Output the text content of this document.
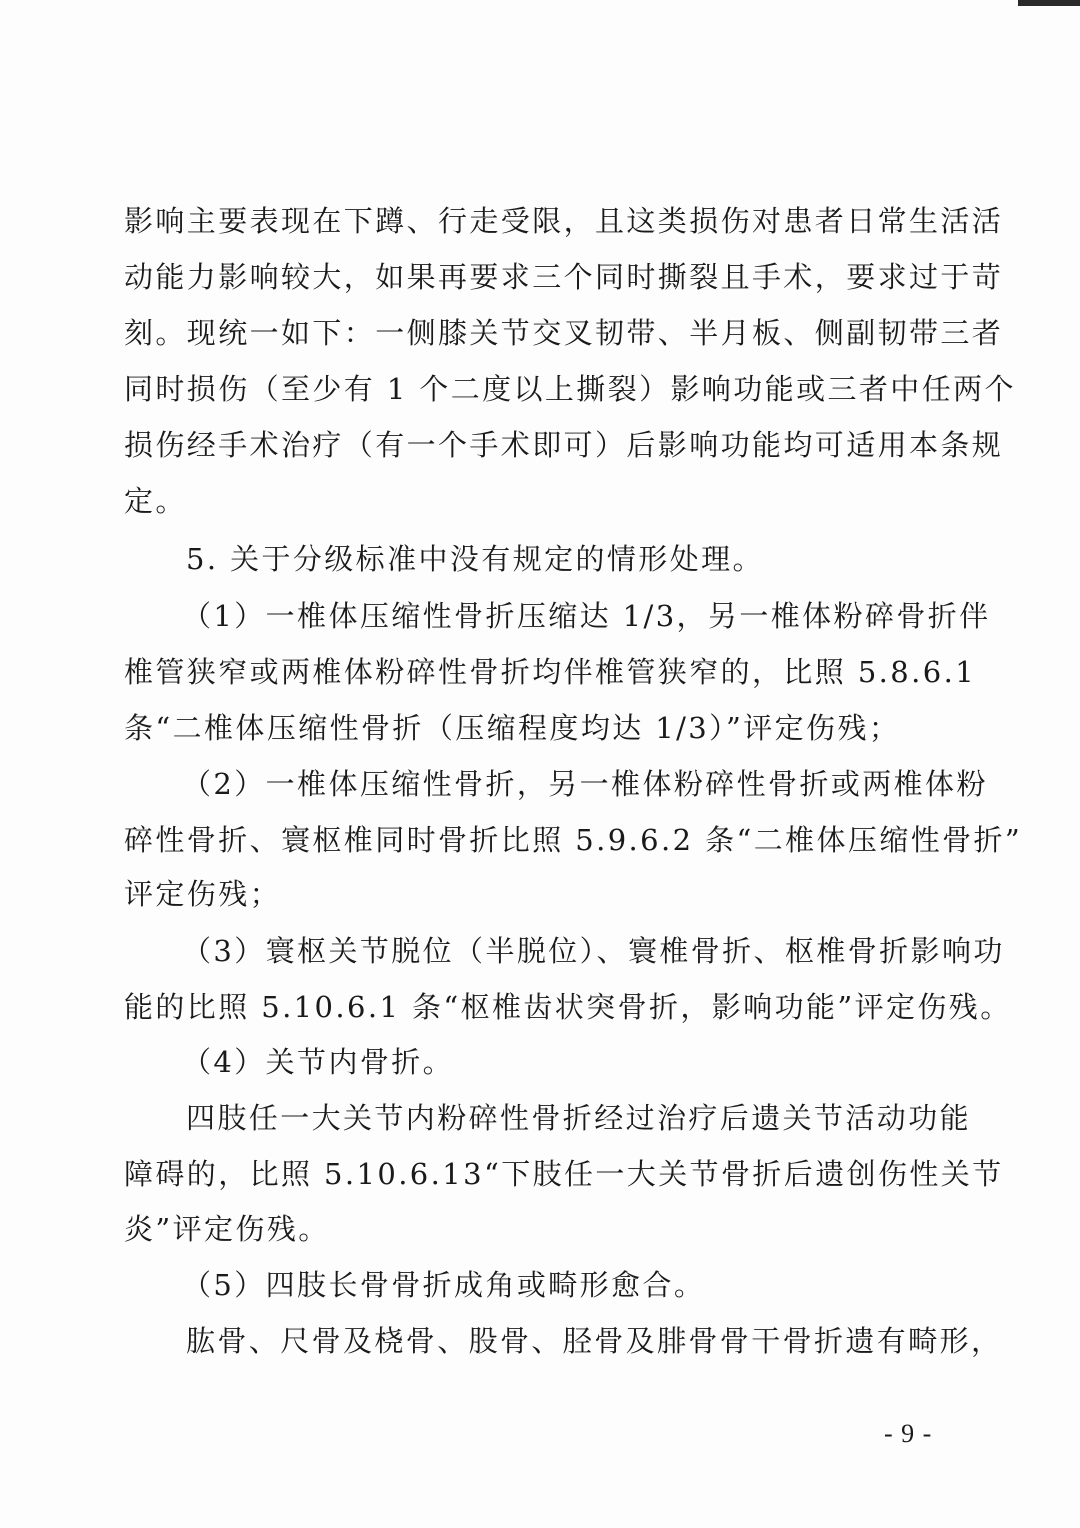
影响主要表现在下蹲、行走受限，且这类损伤对患者日常生活活
动能力影响较大，如果再要求三个同时撕裂且手术，要求过于苛
刻。现统一如下：一侧膝关节交叉韧带、半月板、侧副韧带三者
同时损伤（至少有 1 个二度以上撕裂）影响功能或三者中任两个
损伤经手术治疗（有一个手术即可）后影响功能均可适用本条规
定。
5. 关于分级标准中没有规定的情形处理。
（1）一椎体压缩性骨折压缩达 1/3，另一椎体粉碎骨折伴
椎管狭窄或两椎体粉碎性骨折均伴椎管狭窄的，比照 5.8.6.1
条“二椎体压缩性骨折（压缩程度均达 1/3）”评定伤残；
（2）一椎体压缩性骨折，另一椎体粉碎性骨折或两椎体粉
碎性骨折、寰枢椎同时骨折比照 5.9.6.2 条“二椎体压缩性骨折”
评定伤残；
（3）寰枢关节脱位（半脱位）、寰椎骨折、枢椎骨折影响功
能的比照 5.10.6.1 条“枢椎齿状突骨折，影响功能”评定伤残。
（4）关节内骨折。
四肢任一大关节内粉碎性骨折经过治疗后遗关节活动功能
障碍的，比照 5.10.6.13“下肢任一大关节骨折后遗创伤性关节
炎”评定伤残。
（5）四肢长骨骨折成角或畸形愈合。
肱骨、尺骨及桡骨、股骨、胫骨及腓骨骨干骨折遗有畸形，
- 9 -
